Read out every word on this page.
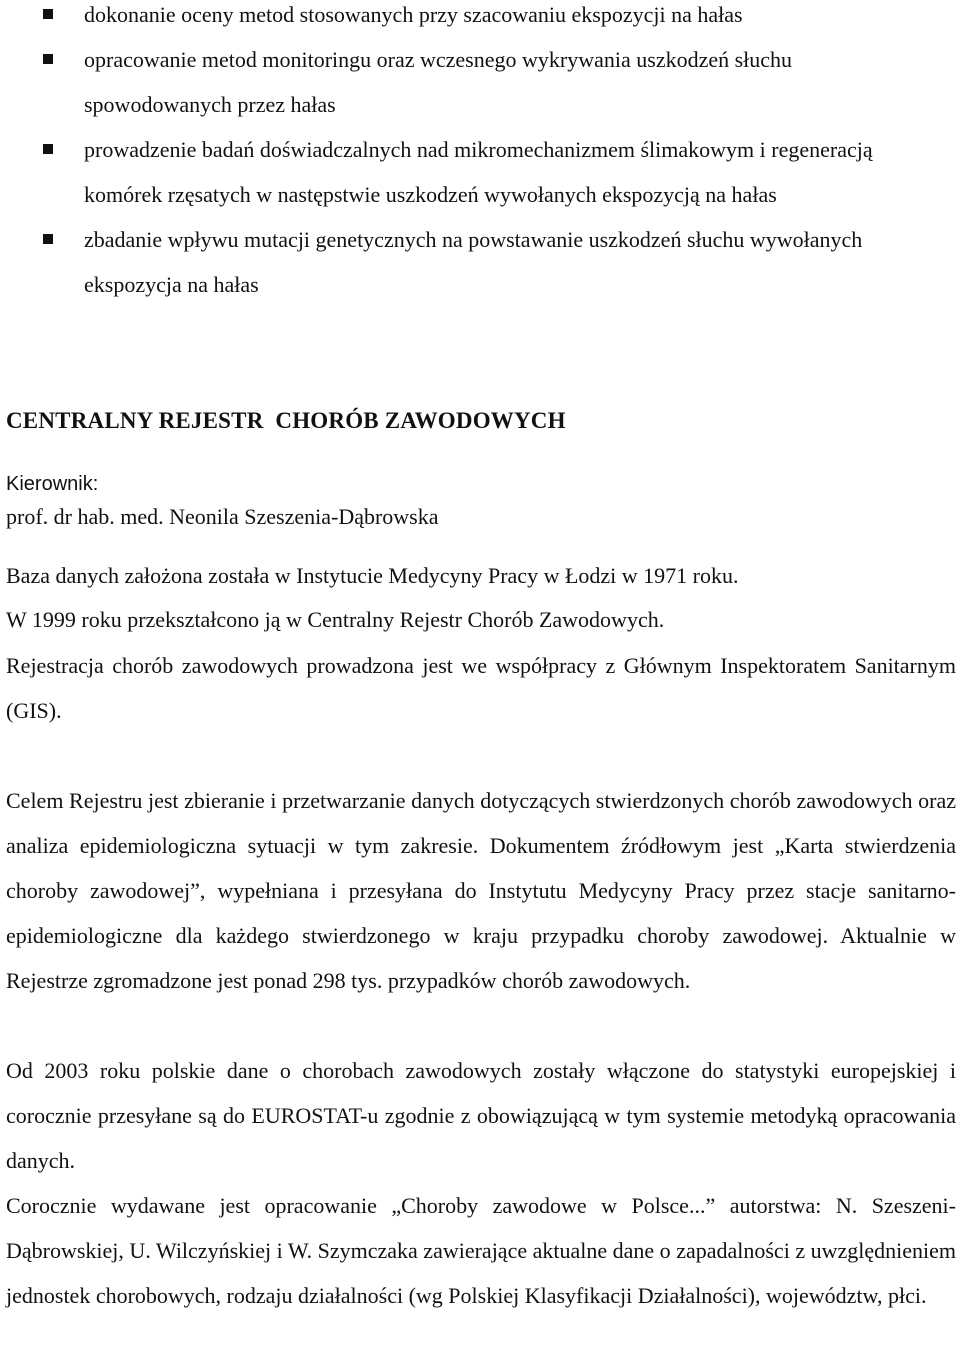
dokonanie oceny metod stosowanych przy szacowaniu ekspozycji na hałas
opracowanie metod monitoringu oraz wczesnego wykrywania uszkodzeń słuchu spowodowanych przez hałas
prowadzenie badań doświadczalnych nad mikromechanizmem ślimakowym i regeneracją komórek rzęsatych w następstwie uszkodzeń wywołanych ekspozycją na hałas
zbadanie wpływu mutacji genetycznych na powstawanie uszkodzeń słuchu wywołanych ekspozycja na hałas
CENTRALNY REJESTR  CHORÓB ZAWODOWYCH
Kierownik:
prof. dr hab. med. Neonila Szeszenia-Dąbrowska
Baza danych założona została w Instytucie Medycyny Pracy w Łodzi w 1971 roku.
W 1999 roku przekształcono ją w Centralny Rejestr Chorób Zawodowych.

Rejestracja chorób zawodowych prowadzona jest we współpracy z Głównym Inspektoratem Sanitarnym (GIS).

Celem Rejestru jest zbieranie i przetwarzanie danych dotyczących stwierdzonych chorób zawodowych oraz analiza epidemiologiczna sytuacji w tym zakresie. Dokumentem źródłowym jest „Karta stwierdzenia choroby zawodowej”, wypełniana i przesyłana do Instytutu Medycyny Pracy przez stacje sanitarno-epidemiologiczne dla każdego stwierdzonego w kraju przypadku choroby zawodowej. Aktualnie w Rejestrze zgromadzone jest ponad 298 tys. przypadków chorób zawodowych.

Od 2003 roku polskie dane o chorobach zawodowych zostały włączone do statystyki europejskiej i corocznie przesyłane są do EUROSTAT-u zgodnie z obowiązującą w tym systemie metodyką opracowania danych.

Corocznie wydawane jest opracowanie „Choroby zawodowe w Polsce...” autorstwa: N. Szeszeni-Dąbrowskiej, U. Wilczyńskiej i W. Szymczaka zawierające aktualne dane o zapadalności z uwzględnieniem jednostek chorobowych, rodzaju działalności (wg Polskiej Klasyfikacji Działalności), województw, płci.
